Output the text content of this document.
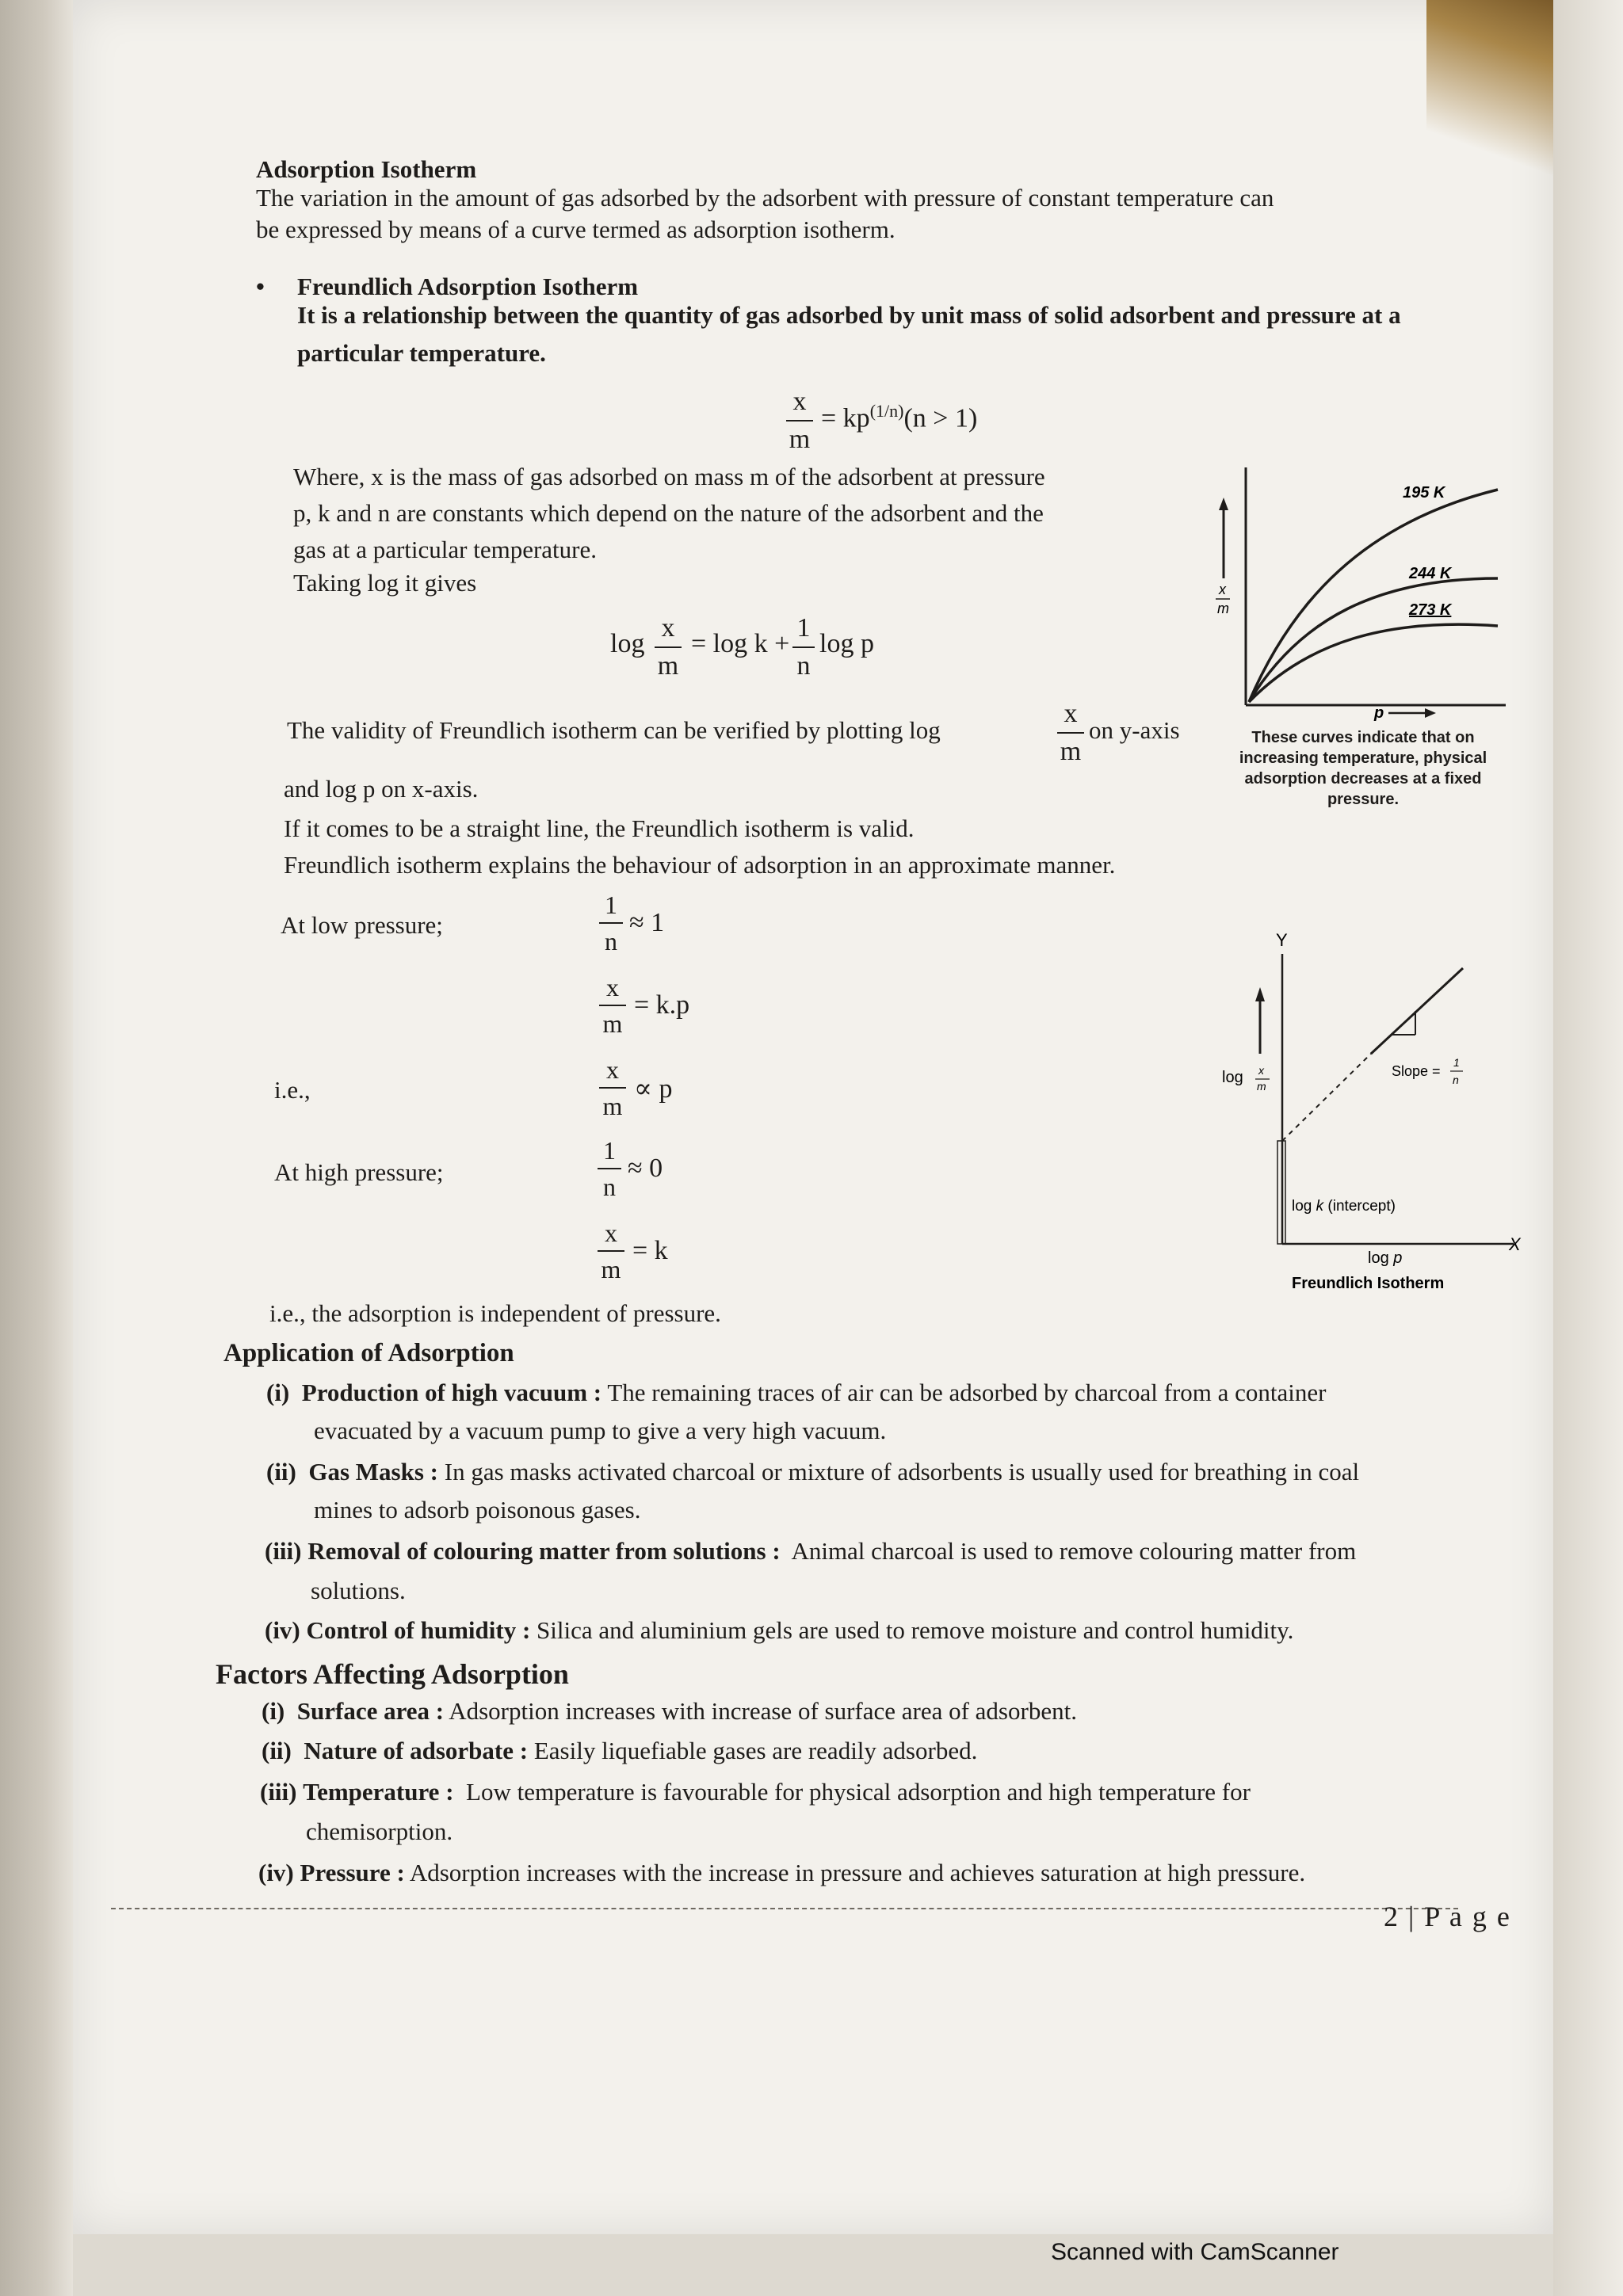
Adsorption Isotherm
The variation in the amount of gas adsorbed by the adsorbent with pressure of constant temperature can
be expressed by means of a curve termed as adsorption isotherm.
• Freundlich Adsorption Isotherm
It is a relationship between the quantity of gas adsorbed by unit mass of solid adsorbent and pressure at a
particular temperature.
x
m
= $kp^{(1/n)}(n > 1)$
Where, x is the mass of gas adsorbed on mass m of the adsorbent at pressure
p, k and n are constants which depend on the nature of the adsorbent and the
gas at a particular temperature.
Taking log it gives
log
x
m
= log k +
1
n
log p
The validity of Freundlich isotherm can be verified by plotting log
x
m
on y-axis
and log p on x-axis.
If it comes to be a straight line, the Freundlich isotherm is valid.
Freundlich isotherm explains the behaviour of adsorption in an approximate manner.
At low pressure;
1
n
≈ 1
x
m
= k.p
i.e.,
x
m
∝ p
At high pressure;
1
n
≈ 0
x
m
= k
i.e., the adsorption is independent of pressure.
x
m
195 K
244 K
273 K
p
These curves indicate that on
increasing temperature, physical
adsorption decreases at a fixed
pressure.
Y
X
log x
m
Slope =
1
n
log k (intercept)
log p
Freundlich Isotherm
Application of Adsorption
(i) Production of high vacuum : The remaining traces of air can be adsorbed by charcoal from a container
evacuated by a vacuum pump to give a very high vacuum.
(ii) Gas Masks : In gas masks activated charcoal or mixture of adsorbents is usually used for breathing in coal
mines to adsorb poisonous gases.
(iii) Removal of colouring matter from solutions : Animal charcoal is used to remove colouring matter from
solutions.
(iv) Control of humidity : Silica and aluminium gels are used to remove moisture and control humidity.
Factors Affecting Adsorption
(i) Surface area : Adsorption increases with increase of surface area of adsorbent.
(ii) Nature of adsorbate : Easily liquefiable gases are readily adsorbed.
(iii) Temperature : Low temperature is favourable for physical adsorption and high temperature for
chemisorption.
(iv) Pressure : Adsorption increases with the increase in pressure and achieves saturation at high pressure.
2 | P a g e
Scanned with CamScanner
